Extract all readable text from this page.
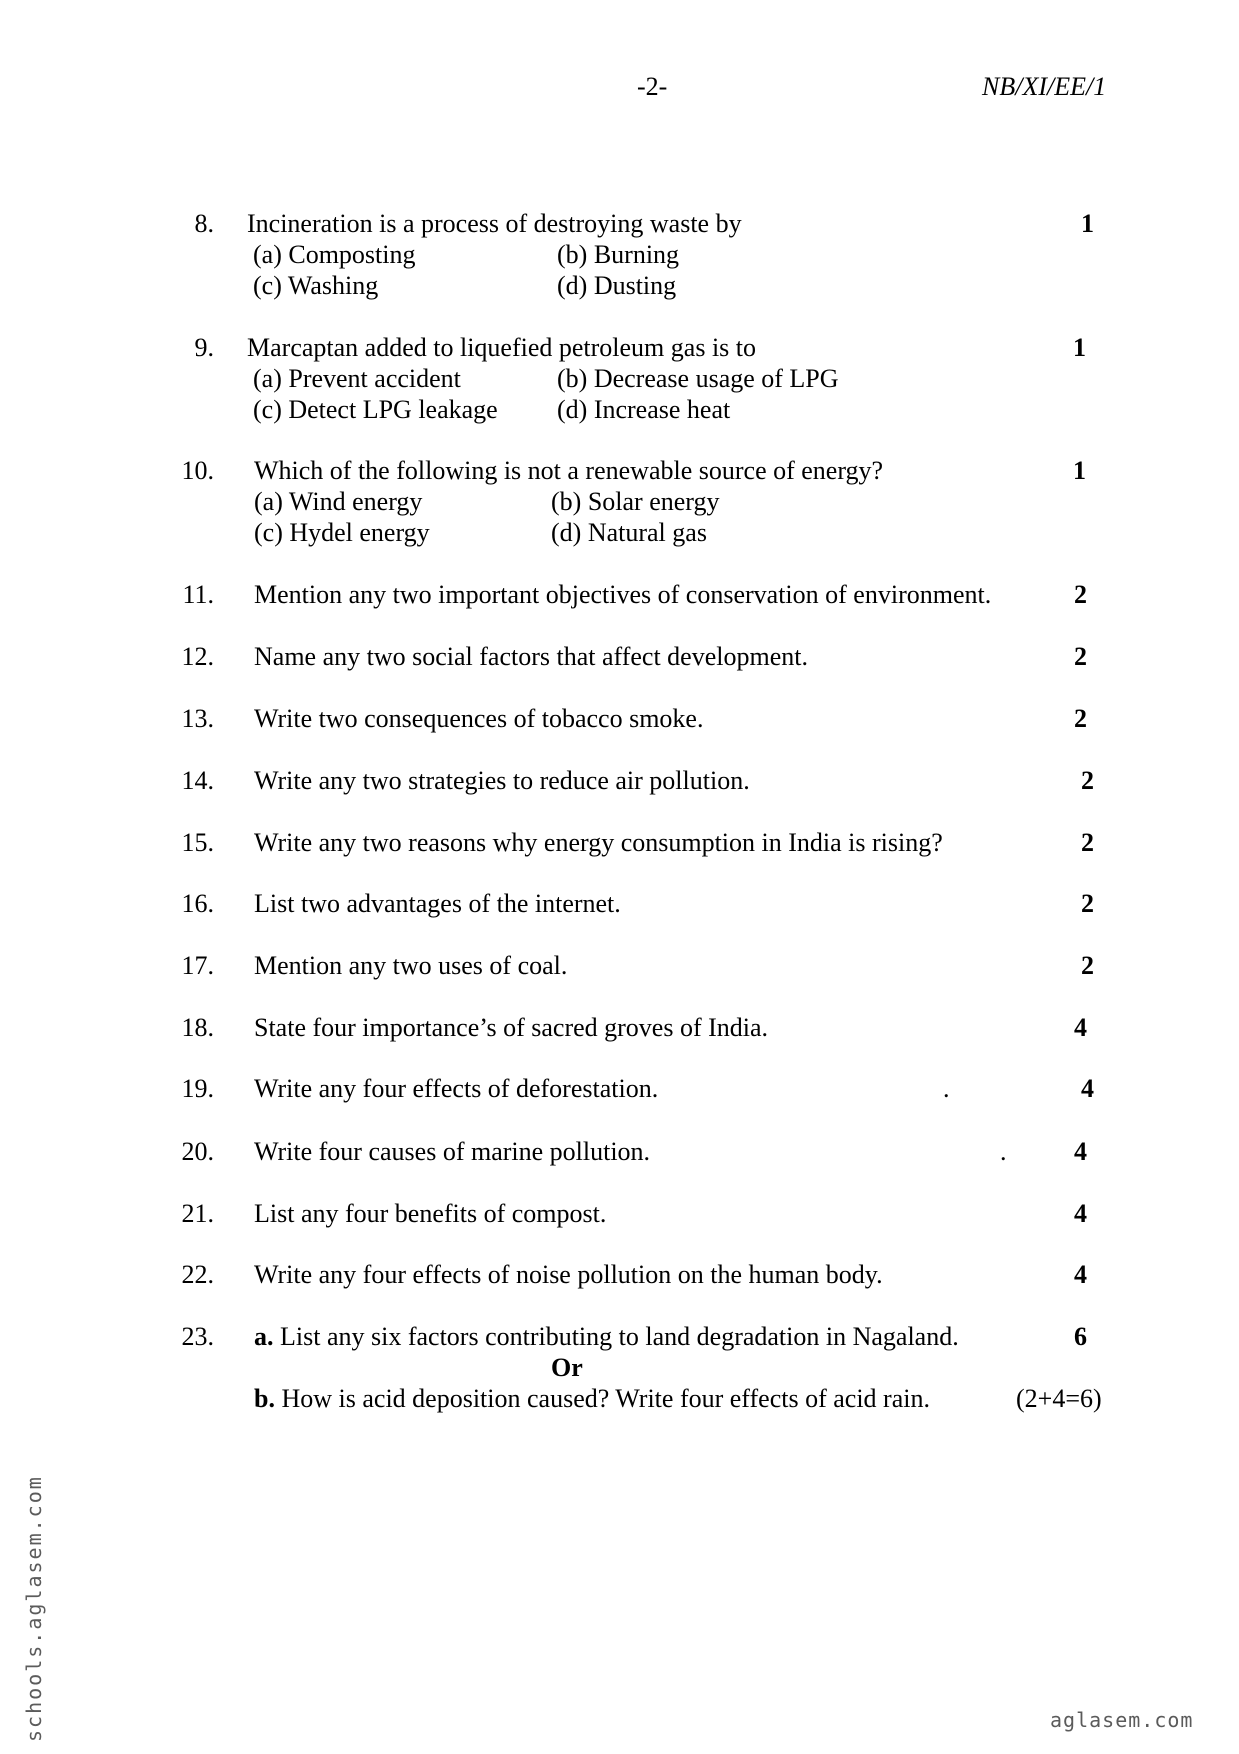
-2-	NB/XI/EE/1
8. Incineration is a process of destroying waste by	1
(a) Composting	(b) Burning
(c) Washing	(d) Dusting
9. Marcaptan added to liquefied petroleum gas is to	1
(a) Prevent accident	(b) Decrease usage of LPG
(c) Detect LPG leakage (d) Increase heat
10. Which of the following is not a renewable source of energy?	1
(a) Wind energy	(b) Solar energy
(c) Hydel energy	(d) Natural gas
11. Mention any two important objectives of conservation of environment.	2
12. Name any two social factors that affect development.	2
13. Write two consequences of tobacco smoke.	2
14. Write any two strategies to reduce air pollution.	2
15. Write any two reasons why energy consumption in India is rising?	2
16. List two advantages of the internet.	2
17. Mention any two uses of coal.	2
18. State four importance’s of sacred groves of India.	4
19. Write any four effects of deforestation.	.	4
20. Write four causes of marine pollution.	.	4
21. List any four benefits of compost.	4
22. Write any four effects of noise pollution on the human body.	4
23. a. List any six factors contributing to land degradation in Nagaland.	6
Or
b. How is acid deposition caused? Write four effects of acid rain.	(2+4=6)
schools.aglasem.com	aglasem.com
